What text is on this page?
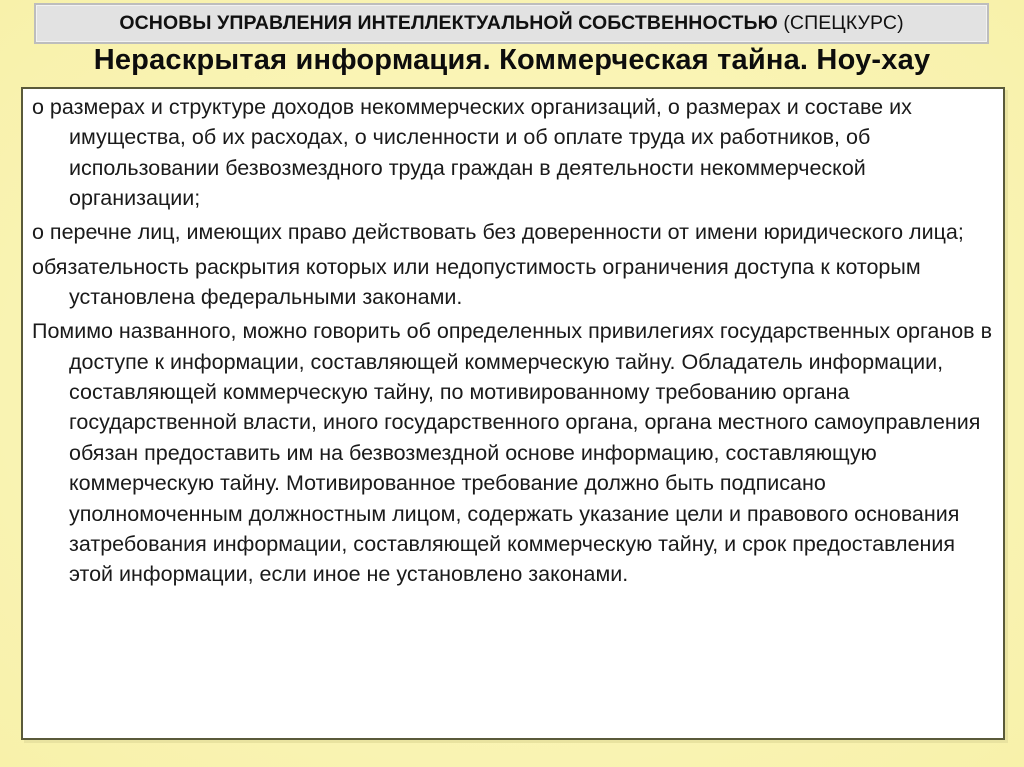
ОСНОВЫ УПРАВЛЕНИЯ ИНТЕЛЛЕКТУАЛЬНОЙ СОБСТВЕННОСТЬЮ (СПЕЦКУРС)
Нераскрытая информация. Коммерческая тайна. Ноу-хау

о размерах и структуре доходов некоммерческих организаций, о размерах и составе их имущества, об их расходах, о численности и об оплате труда их работников, об использовании безвозмездного труда граждан в деятельности некоммерческой организации;

о перечне лиц, имеющих право действовать без доверенности от имени юридического лица;

обязательность раскрытия которых или недопустимость ограничения доступа к которым установлена федеральными законами.

Помимо названного, можно говорить об определенных привилегиях государственных органов в доступе к информации, составляющей коммерческую тайну. Обладатель информации, составляющей коммерческую тайну, по мотивированному требованию органа государственной власти, иного государственного органа, органа местного самоуправления обязан предоставить им на безвозмездной основе информацию, составляющую коммерческую тайну. Мотивированное требование должно быть подписано уполномоченным должностным лицом, содержать указание цели и правового основания затребования информации, составляющей коммерческую тайну, и срок предоставления этой информации, если иное не установлено законами.
